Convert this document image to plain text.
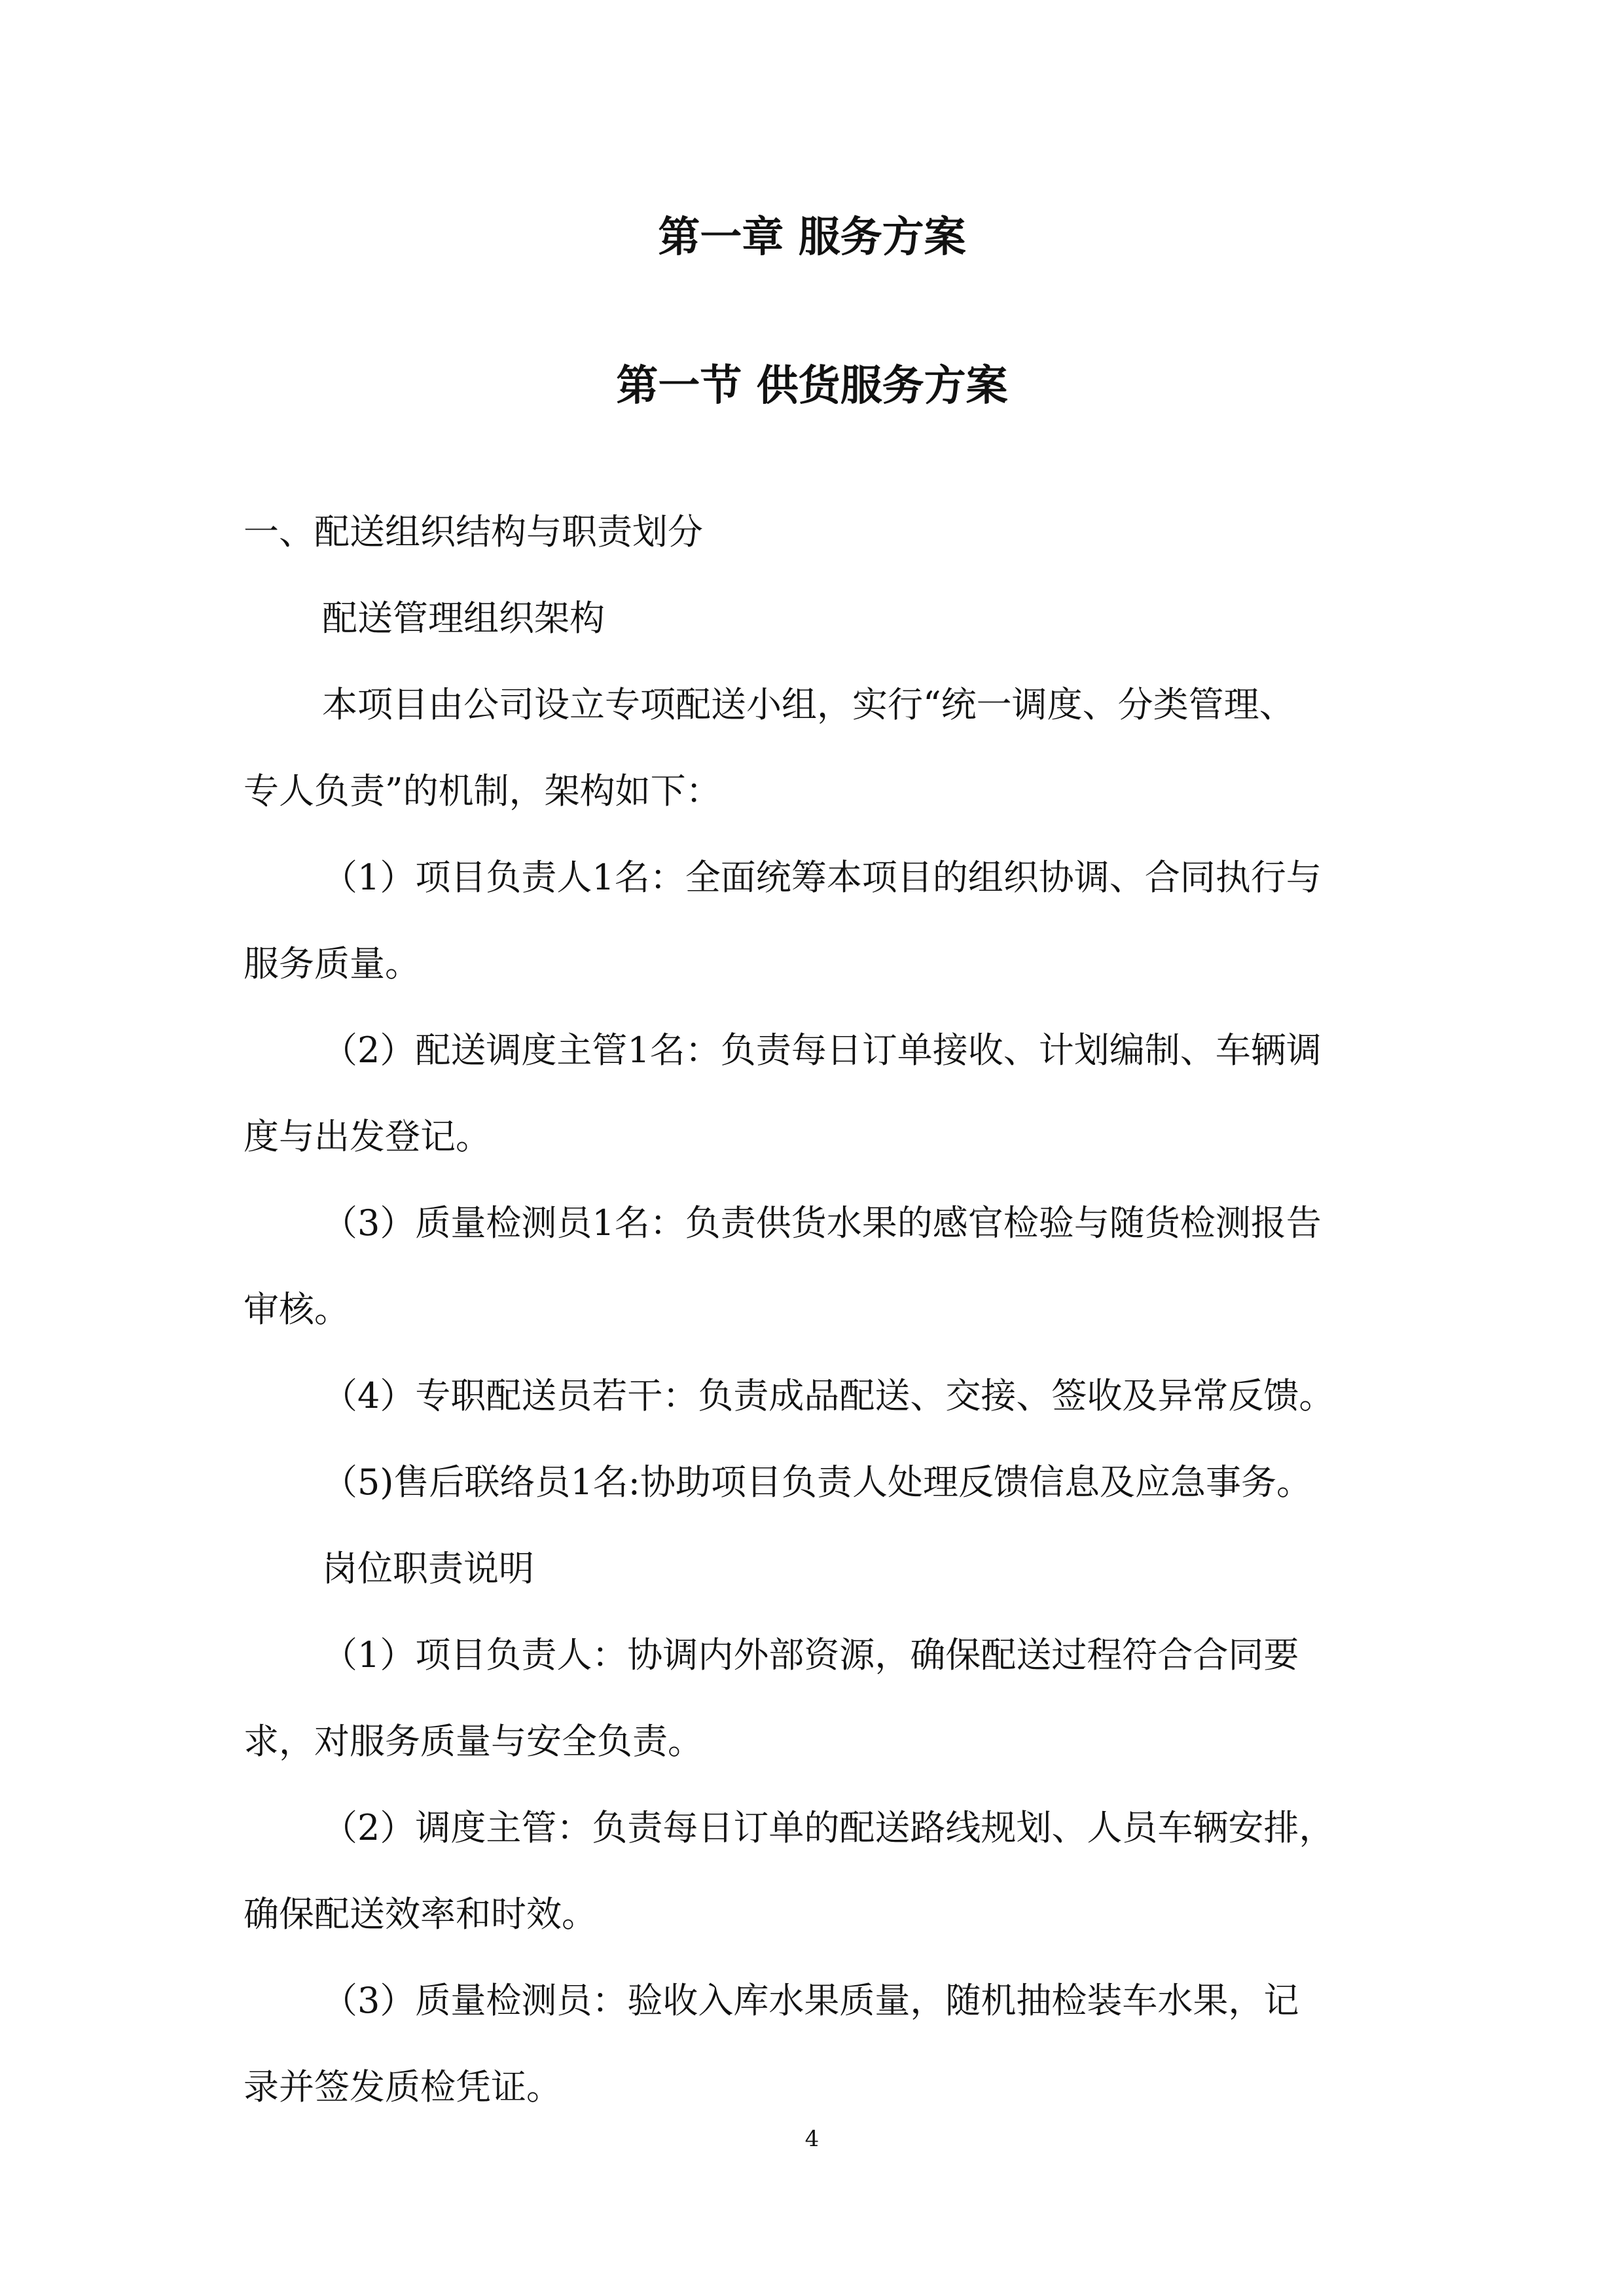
第一章 服务方案
第一节 供货服务方案
一、配送组织结构与职责划分
配送管理组织架构
本项目由公司设立专项配送小组，实行“统一调度、分类管理、
专人负责”的机制，架构如下：
（1）项目负责人1名：全面统筹本项目的组织协调、合同执行与
服务质量。
（2）配送调度主管1名：负责每日订单接收、计划编制、车辆调
度与出发登记。
（3）质量检测员1名：负责供货水果的感官检验与随货检测报告
审核。
（4）专职配送员若干：负责成品配送、交接、签收及异常反馈。
（5)售后联络员1名:协助项目负责人处理反馈信息及应急事务。
岗位职责说明
（1）项目负责人：协调内外部资源，确保配送过程符合合同要
求，对服务质量与安全负责。
（2）调度主管：负责每日订单的配送路线规划、人员车辆安排，
确保配送效率和时效。
（3）质量检测员：验收入库水果质量，随机抽检装车水果，记
录并签发质检凭证。
4
